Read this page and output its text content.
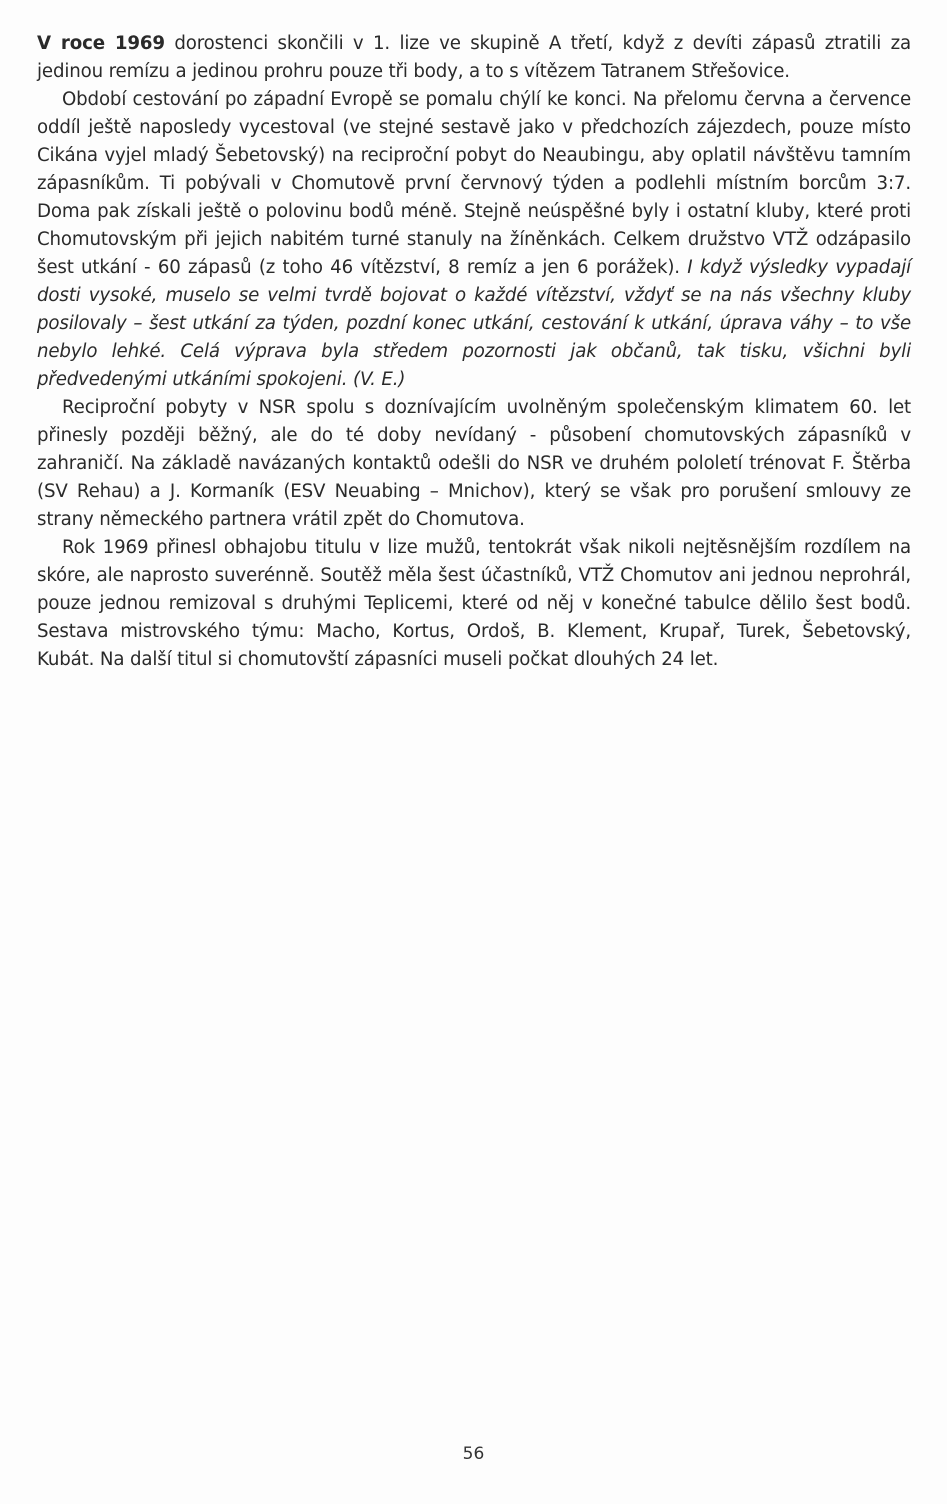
V roce 1969 dorostenci skončili v 1. lize ve skupině A třetí, když z devíti zápasů ztratili za jedinou remízu a jedinou prohru pouze tři body, a to s vítězem Tatranem Střešovice.

Období cestování po západní Evropě se pomalu chýlí ke konci. Na přelomu června a července oddíl ještě naposledy vycestoval (ve stejné sestavě jako v předchozích zájezdech, pouze místo Cikána vyjel mladý Šebetovský) na reciproční pobyt do Neaubingu, aby oplatil návštěvu tamním zápasníkům. Ti pobývali v Chomutově první červnový týden a podlehli místním borcům 3:7. Doma pak získali ještě o polovinu bodů méně. Stejně neúspěšné byly i ostatní kluby, které proti Chomutovským při jejich nabitém turné stanuly na žíněnkách. Celkem družstvo VTŽ odzápasilo šest utkání - 60 zápasů (z toho 46 vítězství, 8 remíz a jen 6 porážek). I když výsledky vypadají dosti vysoké, muselo se velmi tvrdě bojovat o každé vítězství, vždyť se na nás všechny kluby posilovaly – šest utkání za týden, pozdní konec utkání, cestování k utkání, úprava váhy – to vše nebylo lehké. Celá výprava byla středem pozornosti jak občanů, tak tisku, všichni byli předvedenými utkáními spokojeni. (V. E.)

Reciproční pobyty v NSR spolu s doznívajícím uvolněným společenským klimatem 60. let přinesly později běžný, ale do té doby nevídaný - působení chomutovských zápasníků v zahraničí. Na základě navázaných kontaktů odešli do NSR ve druhém pololetí trénovat F. Štěrba (SV Rehau) a J. Kormaník (ESV Neuabing – Mnichov), který se však pro porušení smlouvy ze strany německého partnera vrátil zpět do Chomutova.

Rok 1969 přinesl obhajobu titulu v lize mužů, tentokrát však nikoli nejtěsnějším rozdílem na skóre, ale naprosto suverénně. Soutěž měla šest účastníků, VTŽ Chomutov ani jednou neprohrál, pouze jednou remizoval s druhými Teplicemi, které od něj v konečné tabulce dělilo šest bodů. Sestava mistrovského týmu: Macho, Kortus, Ordoš, B. Klement, Krupař, Turek, Šebetovský, Kubát. Na další titul si chomutovští zápasníci museli počkat dlouhých 24 let.

56
